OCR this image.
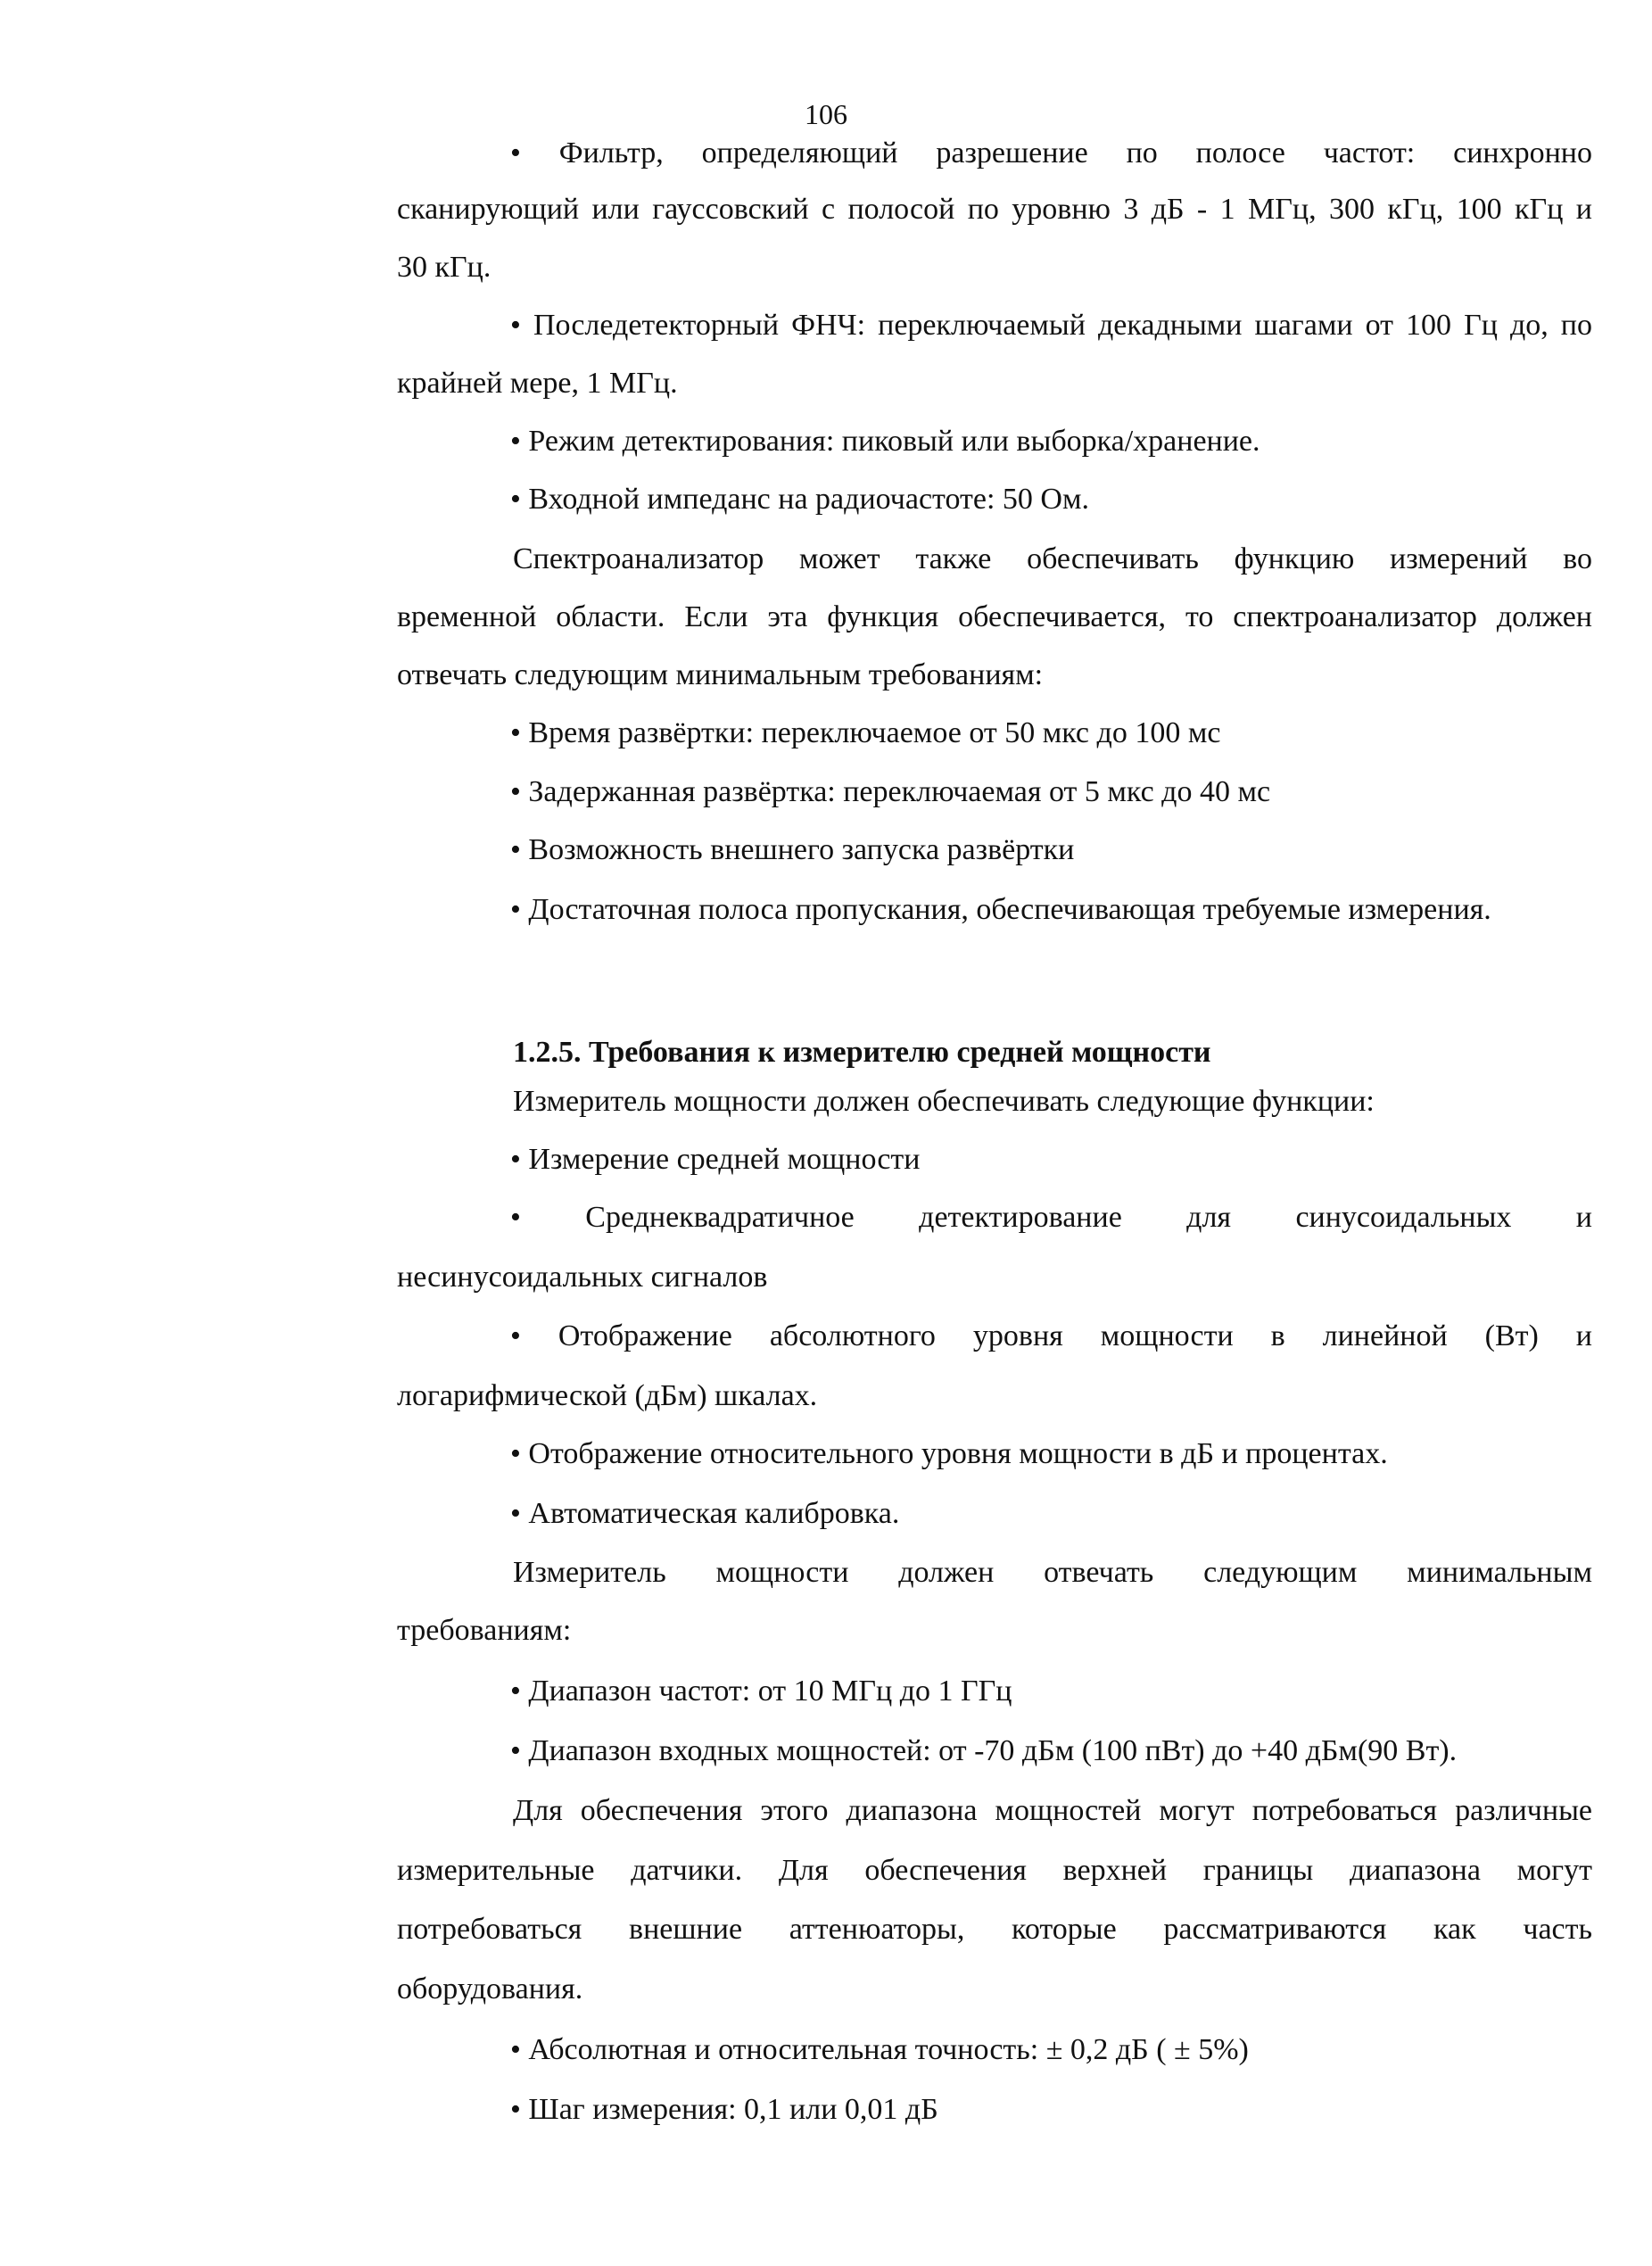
106
• Фильтр, определяющий разрешение по полосе частот: синхронно
сканирующий или гауссовский с полосой по уровню 3 дБ - 1 МГц, 300 кГц, 100 кГц и
30 кГц.
• Последетекторный ФНЧ: переключаемый декадными шагами от 100 Гц до, по
крайней мере, 1 МГц.
• Режим детектирования: пиковый или выборка/хранение.
• Входной импеданс на радиочастоте: 50 Ом.
Спектроанализатор может также обеспечивать функцию измерений во
временной области. Если эта функция обеспечивается, то спектроанализатор должен
отвечать следующим минимальным требованиям:
• Время развёртки: переключаемое от 50 мкс до 100 мс
• Задержанная развёртка: переключаемая от 5 мкс до 40 мс
• Возможность внешнего запуска развёртки
• Достаточная полоса пропускания, обеспечивающая требуемые измерения.
1.2.5. Требования к измерителю средней мощности
Измеритель мощности должен обеспечивать следующие функции:
• Измерение средней мощности
• Среднеквадратичное детектирование для синусоидальных и
несинусоидальных сигналов
• Отображение абсолютного уровня мощности в линейной (Вт) и
логарифмической (дБм) шкалах.
• Отображение относительного уровня мощности в дБ и процентах.
• Автоматическая калибровка.
Измеритель мощности должен отвечать следующим минимальным
требованиям:
• Диапазон частот: от 10 МГц до 1 ГГц
• Диапазон входных мощностей: от -70 дБм (100 пВт) до +40 дБм(90 Вт).
Для обеспечения этого диапазона мощностей могут потребоваться различные
измерительные датчики. Для обеспечения верхней границы диапазона могут
потребоваться внешние аттенюаторы, которые рассматриваются как часть
оборудования.
• Абсолютная и относительная точность: ± 0,2 дБ ( ± 5%)
• Шаг измерения: 0,1 или 0,01 дБ
